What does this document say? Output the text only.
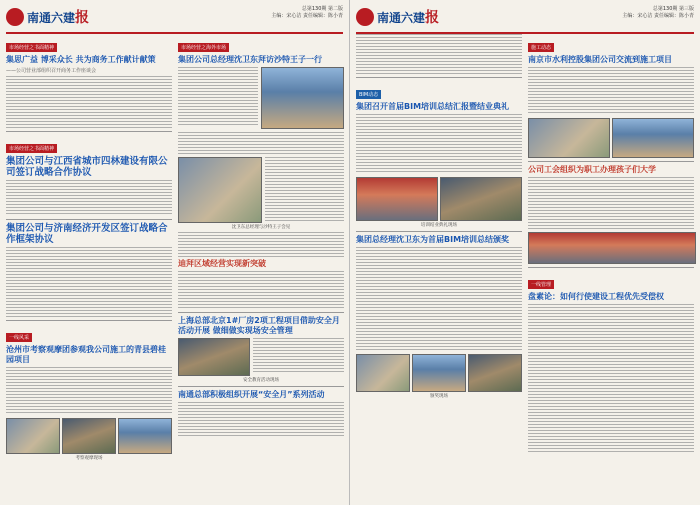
南通六建报
总第130期 第二版
主编：宋心洁 责任编辑：陈小青
市场经营之书面精神
集思广益 博采众长 共为商务工作献计献策
——公司营业部组织召开商务工作座谈会
市场经营之书面精神
集团公司与江西省城市四林建设有限公司签订战略合作协议
集团公司与济南经济开发区签订战略合作框架协议
一线风采
沧州市考察观摩团参观我公司施工的青县碧桂园项目
考察观摩现场
市场经营之海外市场
集团公司总经理沈卫东拜访沙特王子一行
沈卫东总经理与沙特王子会见
迪拜区域经营实现新突破
上海总部北京1#厂房2项工程项目借助安全月活动开展 做细做实现场安全管理
安全教育活动现场
南通总部积极组织开展“安全月”系列活动
南通六建报
总第130期 第三版
主编：宋心洁 责任编辑：陈小青
BIM动态
集团召开首届BIM培训总结汇报暨结业典礼
培训结业典礼现场
集团总经理沈卫东为首届BIM培训总结颁奖
颁奖现场
施工动态
南京市水利控股集团公司交流到施工项目
公司工会组织为职工办理孩子们大学
一线管理
盘素论：如何行使建设工程优先受偿权
